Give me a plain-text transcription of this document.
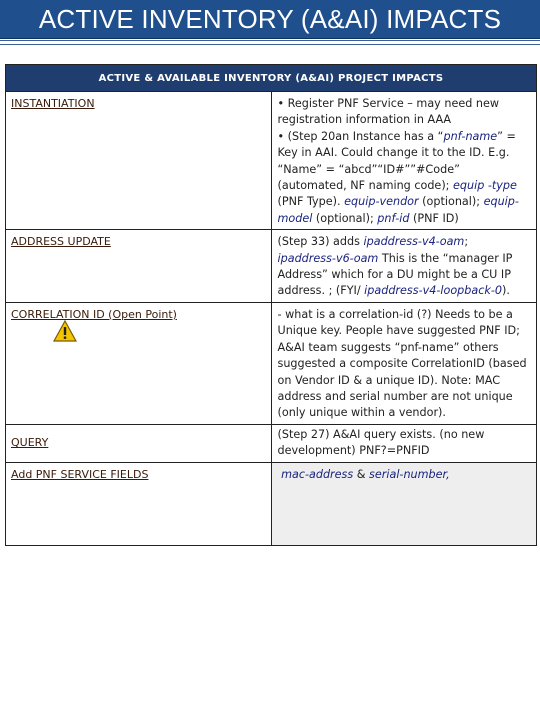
ACTIVE INVENTORY (A&AI) IMPACTS
ACTIVE & AVAILABLE INVENTORY (A&AI) PROJECT IMPACTS	
INSTANTIATION	• Register PNF Service – may need new registration information in AAA
• (Step 20an Instance has a “pnf-name” = Key in AAI. Could change it to the ID. E.g. “Name” = “abcd”“ID#””#Code” (automated, NF naming code); equip -type (PNF Type). equip-vendor (optional); equip-model (optional); pnf-id (PNF ID)

ADDRESS UPDATE	(Step 33) adds ipaddress-v4-oam; ipaddress-v6-oam This is the “manager IP Address” which for a DU might be a CU IP address. ; (FYI/ ipaddress-v4-loopback-0).
CORRELATION ID (Open Point)	- what is a correlation-id (?) Needs to be a Unique key. People have suggested PNF ID; A&AI team suggests “pnf-name” others suggested a composite CorrelationID (based on Vendor ID & a unique ID). Note: MAC address and serial number are not unique (only unique within a vendor).
QUERY	(Step 27) A&AI query exists. (no new development) PNF?=PNFID
Add PNF SERVICE FIELDS	mac-address & serial-number,
